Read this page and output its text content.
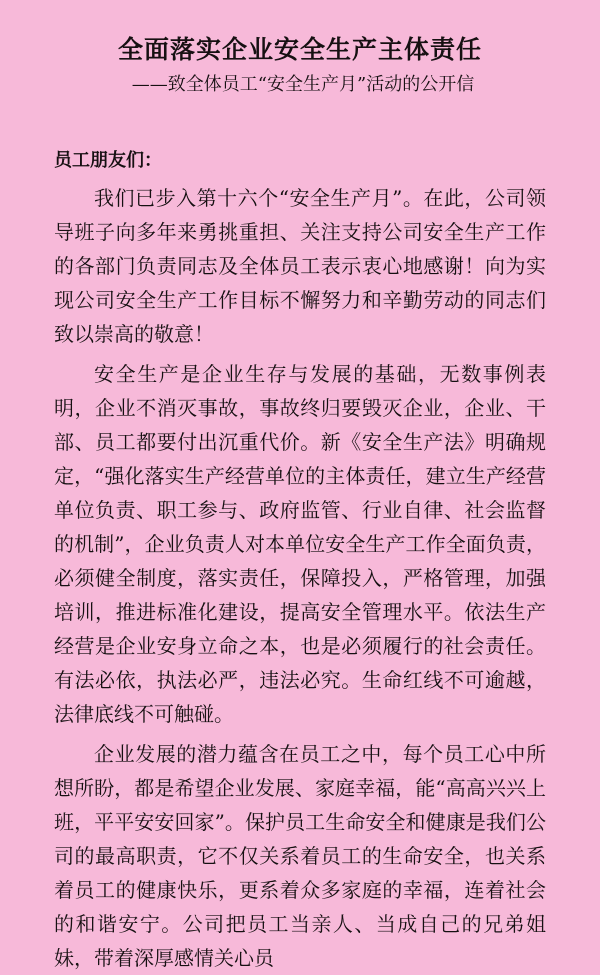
全面落实企业安全生产主体责任
——致全体员工“安全生产月”活动的公开信
员工朋友们：

我们已步入第十六个“安全生产月”。在此，公司领导班子向多年来勇挑重担、关注支持公司安全生产工作的各部门负责同志及全体员工表示衷心地感谢！向为实现公司安全生产工作目标不懈努力和辛勤劳动的同志们致以崇高的敬意！

安全生产是企业生存与发展的基础，无数事例表明，企业不消灭事故，事故终归要毁灭企业，企业、干部、员工都要付出沉重代价。新《安全生产法》明确规定，“强化落实生产经营单位的主体责任，建立生产经营单位负责、职工参与、政府监管、行业自律、社会监督的机制”，企业负责人对本单位安全生产工作全面负责，必须健全制度，落实责任，保障投入，严格管理，加强培训，推进标准化建设，提高安全管理水平。依法生产经营是企业安身立命之本，也是必须履行的社会责任。有法必依，执法必严，违法必究。生命红线不可逾越，法律底线不可触碰。

企业发展的潜力蕴含在员工之中，每个员工心中所想所盼，都是希望企业发展、家庭幸福，能“高高兴兴上班，平平安安回家”。保护员工生命安全和健康是我们公司的最高职责，它不仅关系着员工的生命安全，也关系着员工的健康快乐，更系着众多家庭的幸福，连着社会的和谐安宁。公司把员工当亲人、当成自己的兄弟姐妹，带着深厚感情关心员
